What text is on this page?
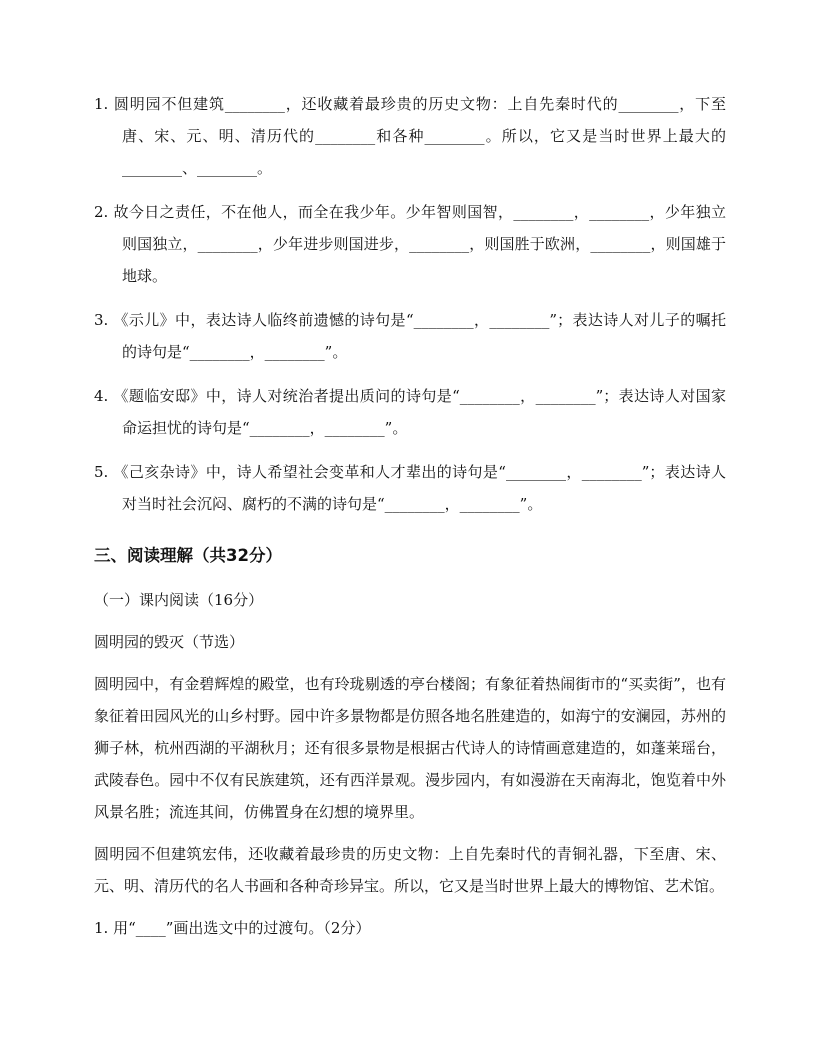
1. 圆明园不但建筑________，还收藏着最珍贵的历史文物：上自先秦时代的________，下至唐、宋、元、明、清历代的________和各种________。所以，它又是当时世界上最大的________、________。

2. 故今日之责任，不在他人，而全在我少年。少年智则国智，________，________，少年独立则国独立，________，少年进步则国进步，________，则国胜于欧洲，________，则国雄于地球。

3. 《示儿》中，表达诗人临终前遗憾的诗句是“________，________”；表达诗人对儿子的嘱托的诗句是“________，________”。

4. 《题临安邸》中，诗人对统治者提出质问的诗句是“________，________”；表达诗人对国家命运担忧的诗句是“________，________”。

5. 《己亥杂诗》中，诗人希望社会变革和人才辈出的诗句是“________，________”；表达诗人对当时社会沉闷、腐朽的不满的诗句是“________，________”。

三、阅读理解（共32分）
（一）课内阅读（16分）
圆明园的毁灭（节选）

圆明园中，有金碧辉煌的殿堂，也有玲珑剔透的亭台楼阁；有象征着热闹街市的“买卖街”，也有象征着田园风光的山乡村野。园中许多景物都是仿照各地名胜建造的，如海宁的安澜园，苏州的狮子林，杭州西湖的平湖秋月；还有很多景物是根据古代诗人的诗情画意建造的，如蓬莱瑶台，武陵春色。园中不仅有民族建筑，还有西洋景观。漫步园内，有如漫游在天南海北，饱览着中外风景名胜；流连其间，仿佛置身在幻想的境界里。

圆明园不但建筑宏伟，还收藏着最珍贵的历史文物：上自先秦时代的青铜礼器，下至唐、宋、元、明、清历代的名人书画和各种奇珍异宝。所以，它又是当时世界上最大的博物馆、艺术馆。

1. 用“____”画出选文中的过渡句。（2分）
